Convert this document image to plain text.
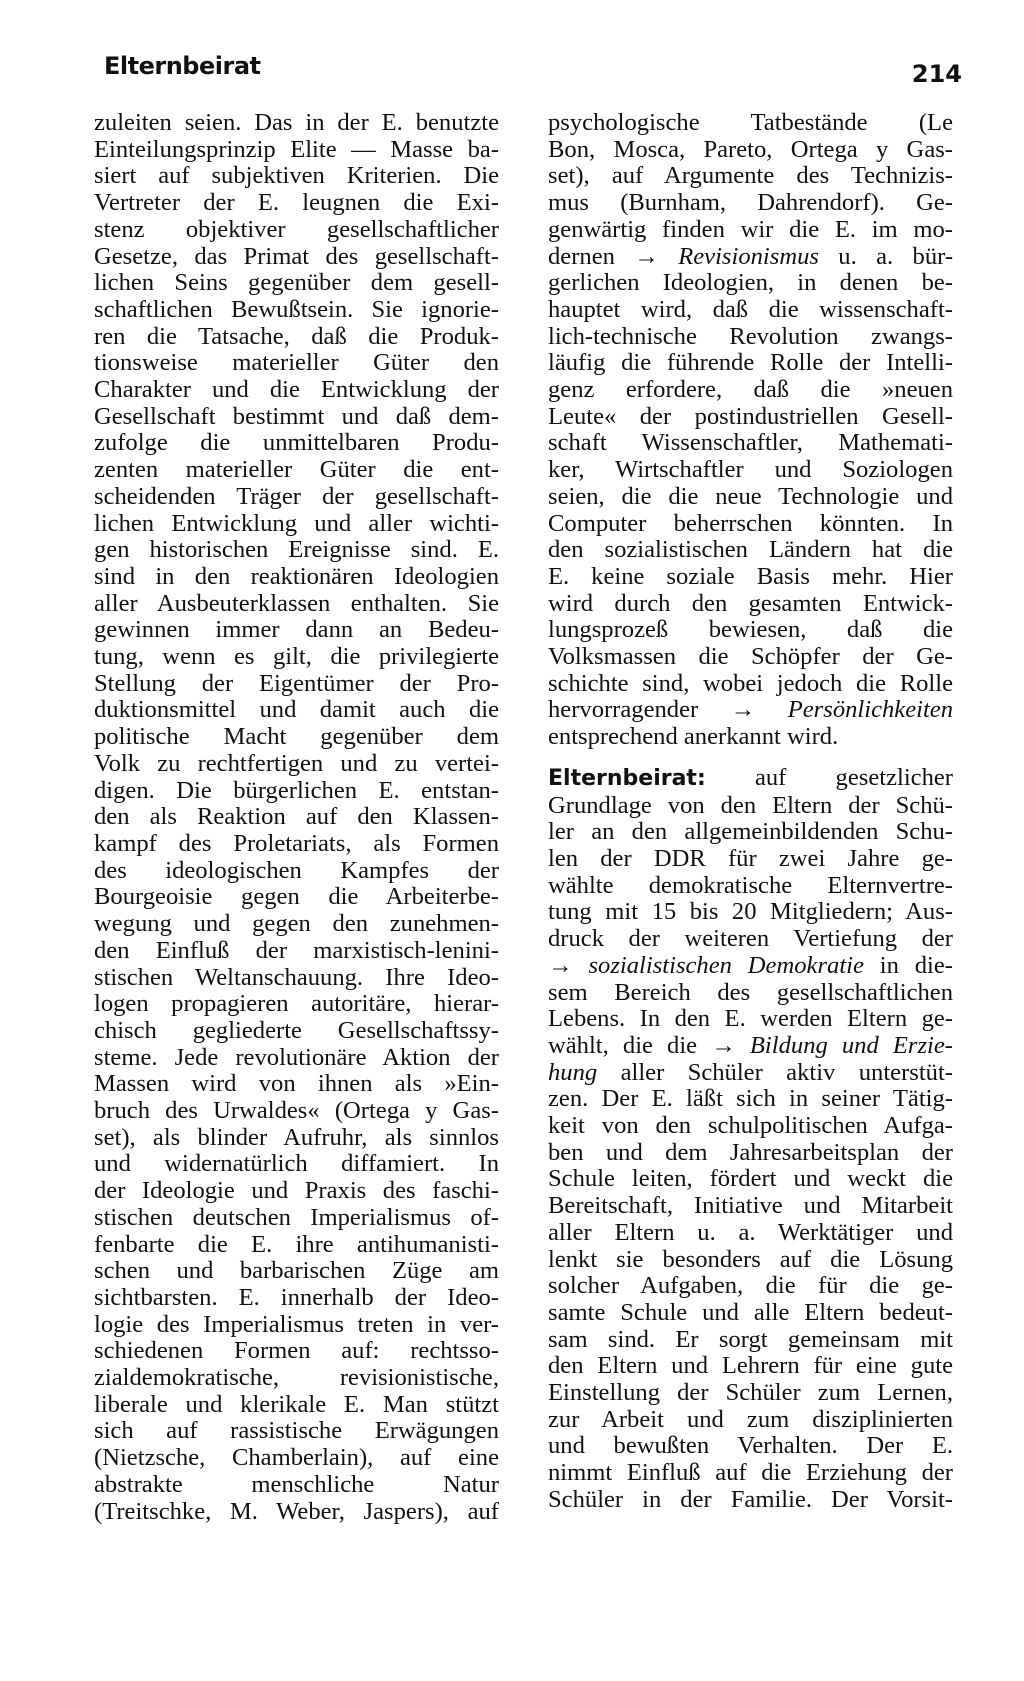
Elternbeirat	214
zuleiten seien. Das in der E. benutzte
Einteilungsprinzip Elite — Masse ba-
siert auf subjektiven Kriterien. Die
Vertreter der E. leugnen die Exi-
stenz objektiver gesellschaftlicher
Gesetze, das Primat des gesellschaft-
lichen Seins gegenüber dem gesell-
schaftlichen Bewußtsein. Sie ignorie-
ren die Tatsache, daß die Produk-
tionsweise materieller Güter den
Charakter und die Entwicklung der
Gesellschaft bestimmt und daß dem-
zufolge die unmittelbaren Produ-
zenten materieller Güter die ent-
scheidenden Träger der gesellschaft-
lichen Entwicklung und aller wichti-
gen historischen Ereignisse sind. E.
sind in den reaktionären Ideologien
aller Ausbeuterklassen enthalten. Sie
gewinnen immer dann an Bedeu-
tung, wenn es gilt, die privilegierte
Stellung der Eigentümer der Pro-
duktionsmittel und damit auch die
politische Macht gegenüber dem
Volk zu rechtfertigen und zu vertei-
digen. Die bürgerlichen E. entstan-
den als Reaktion auf den Klassen-
kampf des Proletariats, als Formen
des ideologischen Kampfes der
Bourgeoisie gegen die Arbeiterbe-
wegung und gegen den zunehmen-
den Einfluß der marxistisch-lenini-
stischen Weltanschauung. Ihre Ideo-
logen propagieren autoritäre, hierar-
chisch gegliederte Gesellschaftssy-
steme. Jede revolutionäre Aktion der
Massen wird von ihnen als »Ein-
bruch des Urwaldes« (Ortega y Gas-
set), als blinder Aufruhr, als sinnlos
und widernatürlich diffamiert. In
der Ideologie und Praxis des faschi-
stischen deutschen Imperialismus of-
fenbarte die E. ihre antihumanisti-
schen und barbarischen Züge am
sichtbarsten. E. innerhalb der Ideo-
logie des Imperialismus treten in ver-
schiedenen Formen auf: rechtsso-
zialdemokratische, revisionistische,
liberale und klerikale E. Man stützt
sich auf rassistische Erwägungen
(Nietzsche, Chamberlain), auf eine
abstrakte menschliche Natur
(Treitschke, M. Weber, Jaspers), auf
psychologische Tatbestände (Le
Bon, Mosca, Pareto, Ortega y Gas-
set), auf Argumente des Technizis-
mus (Burnham, Dahrendorf). Ge-
genwärtig finden wir die E. im mo-
dernen → Revisionismus u. a. bür-
gerlichen Ideologien, in denen be-
hauptet wird, daß die wissenschaft-
lich-technische Revolution zwangs-
läufig die führende Rolle der Intelli-
genz erfordere, daß die »neuen
Leute« der postindustriellen Gesell-
schaft Wissenschaftler, Mathemati-
ker, Wirtschaftler und Soziologen
seien, die die neue Technologie und
Computer beherrschen könnten. In
den sozialistischen Ländern hat die
E. keine soziale Basis mehr. Hier
wird durch den gesamten Entwick-
lungsprozeß bewiesen, daß die
Volksmassen die Schöpfer der Ge-
schichte sind, wobei jedoch die Rolle
hervorragender → Persönlichkeiten
entsprechend anerkannt wird.
Elternbeirat: auf gesetzlicher
Grundlage von den Eltern der Schü-
ler an den allgemeinbildenden Schu-
len der DDR für zwei Jahre ge-
wählte demokratische Elternvertre-
tung mit 15 bis 20 Mitgliedern; Aus-
druck der weiteren Vertiefung der
→ sozialistischen Demokratie in die-
sem Bereich des gesellschaftlichen
Lebens. In den E. werden Eltern ge-
wählt, die die → Bildung und Erzie-
hung aller Schüler aktiv unterstüt-
zen. Der E. läßt sich in seiner Tätig-
keit von den schulpolitischen Aufga-
ben und dem Jahresarbeitsplan der
Schule leiten, fördert und weckt die
Bereitschaft, Initiative und Mitarbeit
aller Eltern u. a. Werktätiger und
lenkt sie besonders auf die Lösung
solcher Aufgaben, die für die ge-
samte Schule und alle Eltern bedeut-
sam sind. Er sorgt gemeinsam mit
den Eltern und Lehrern für eine gute
Einstellung der Schüler zum Lernen,
zur Arbeit und zum disziplinierten
und bewußten Verhalten. Der E.
nimmt Einfluß auf die Erziehung der
Schüler in der Familie. Der Vorsit-
